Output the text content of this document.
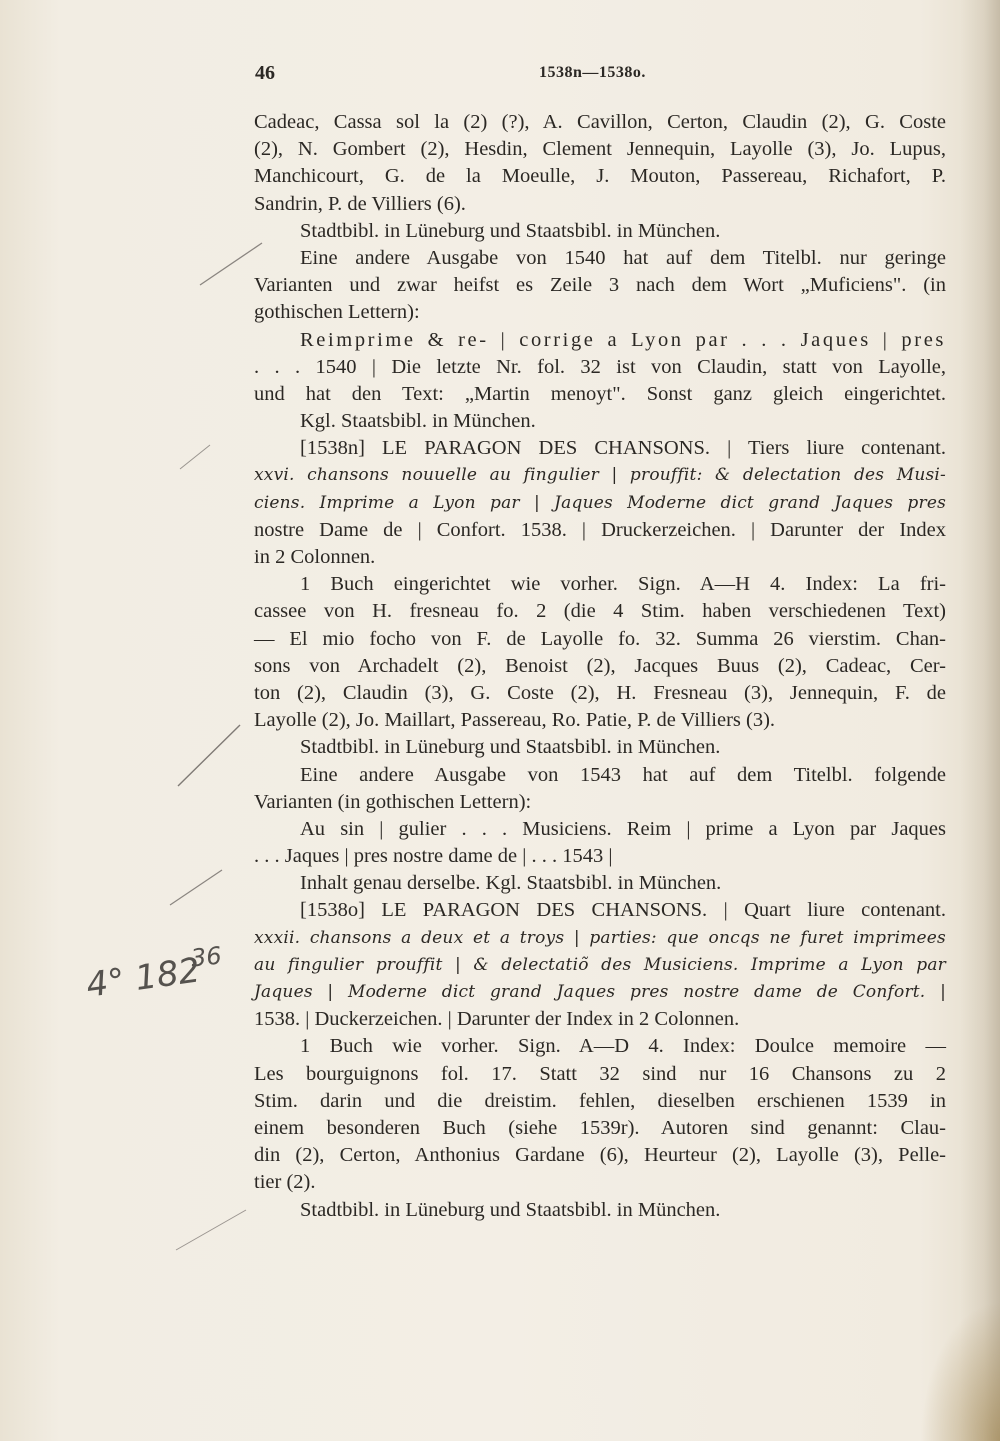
46	1538n—1538o.
Cadeac, Cassa sol la (2) (?), A. Cavillon, Certon, Claudin (2), G. Coste
(2), N. Gombert (2), Hesdin, Clement Jennequin, Layolle (3), Jo. Lupus,
Manchicourt, G. de la Moeulle, J. Mouton, Passereau, Richafort, P.
Sandrin, P. de Villiers (6).
Stadtbibl. in Lüneburg und Staatsbibl. in München.
Eine andere Ausgabe von 1540 hat auf dem Titelbl. nur geringe
Varianten und zwar heifst es Zeile 3 nach dem Wort „Muficiens". (in
gothischen Lettern):
Reimprime & re- | corrige a Lyon par . . . Jaques | pres
. . . 1540 | Die letzte Nr. fol. 32 ist von Claudin, statt von Layolle,
und hat den Text: „Martin menoyt". Sonst ganz gleich eingerichtet.
Kgl. Staatsbibl. in München.
[1538n] LE PARAGON DES CHANSONS. | Tiers liure contenant.
xxvi. chansons nouuelle au fingulier | prouffit: & delectation des Musi-
ciens. Imprime a Lyon par | Jaques Moderne dict grand Jaques pres
nostre Dame de | Confort. 1538. | Druckerzeichen. | Darunter der Index
in 2 Colonnen.
1 Buch eingerichtet wie vorher. Sign. A—H 4. Index: La fri-
cassee von H. fresneau fo. 2 (die 4 Stim. haben verschiedenen Text)
— El mio focho von F. de Layolle fo. 32. Summa 26 vierstim. Chan-
sons von Archadelt (2), Benoist (2), Jacques Buus (2), Cadeac, Cer-
ton (2), Claudin (3), G. Coste (2), H. Fresneau (3), Jennequin, F. de
Layolle (2), Jo. Maillart, Passereau, Ro. Patie, P. de Villiers (3).
Stadtbibl. in Lüneburg und Staatsbibl. in München.
Eine andere Ausgabe von 1543 hat auf dem Titelbl. folgende
Varianten (in gothischen Lettern):
Au sin | gulier . . . Musiciens. Reim | prime a Lyon par Jaques
. . . Jaques | pres nostre dame de | . . . 1543 |
Inhalt genau derselbe. Kgl. Staatsbibl. in München.
[1538o] LE PARAGON DES CHANSONS. | Quart liure contenant.
xxxii. chansons a deux et a troys | parties: que oncqs ne furet imprimees
au fingulier prouffit | & delectatiõ des Musiciens. Imprime a Lyon par
Jaques | Moderne dict grand Jaques pres nostre dame de Confort. |
1538. | Duckerzeichen. | Darunter der Index in 2 Colonnen.
1 Buch wie vorher. Sign. A—D 4. Index: Doulce memoire —
Les bourguignons fol. 17. Statt 32 sind nur 16 Chansons zu 2
Stim. darin und die dreistim. fehlen, dieselben erschienen 1539 in
einem besonderen Buch (siehe 1539r). Autoren sind genannt: Clau-
din (2), Certon, Anthonius Gardane (6), Heurteur (2), Layolle (3), Pelle-
tier (2).
Stadtbibl. in Lüneburg und Staatsbibl. in München.
4° 182
36
